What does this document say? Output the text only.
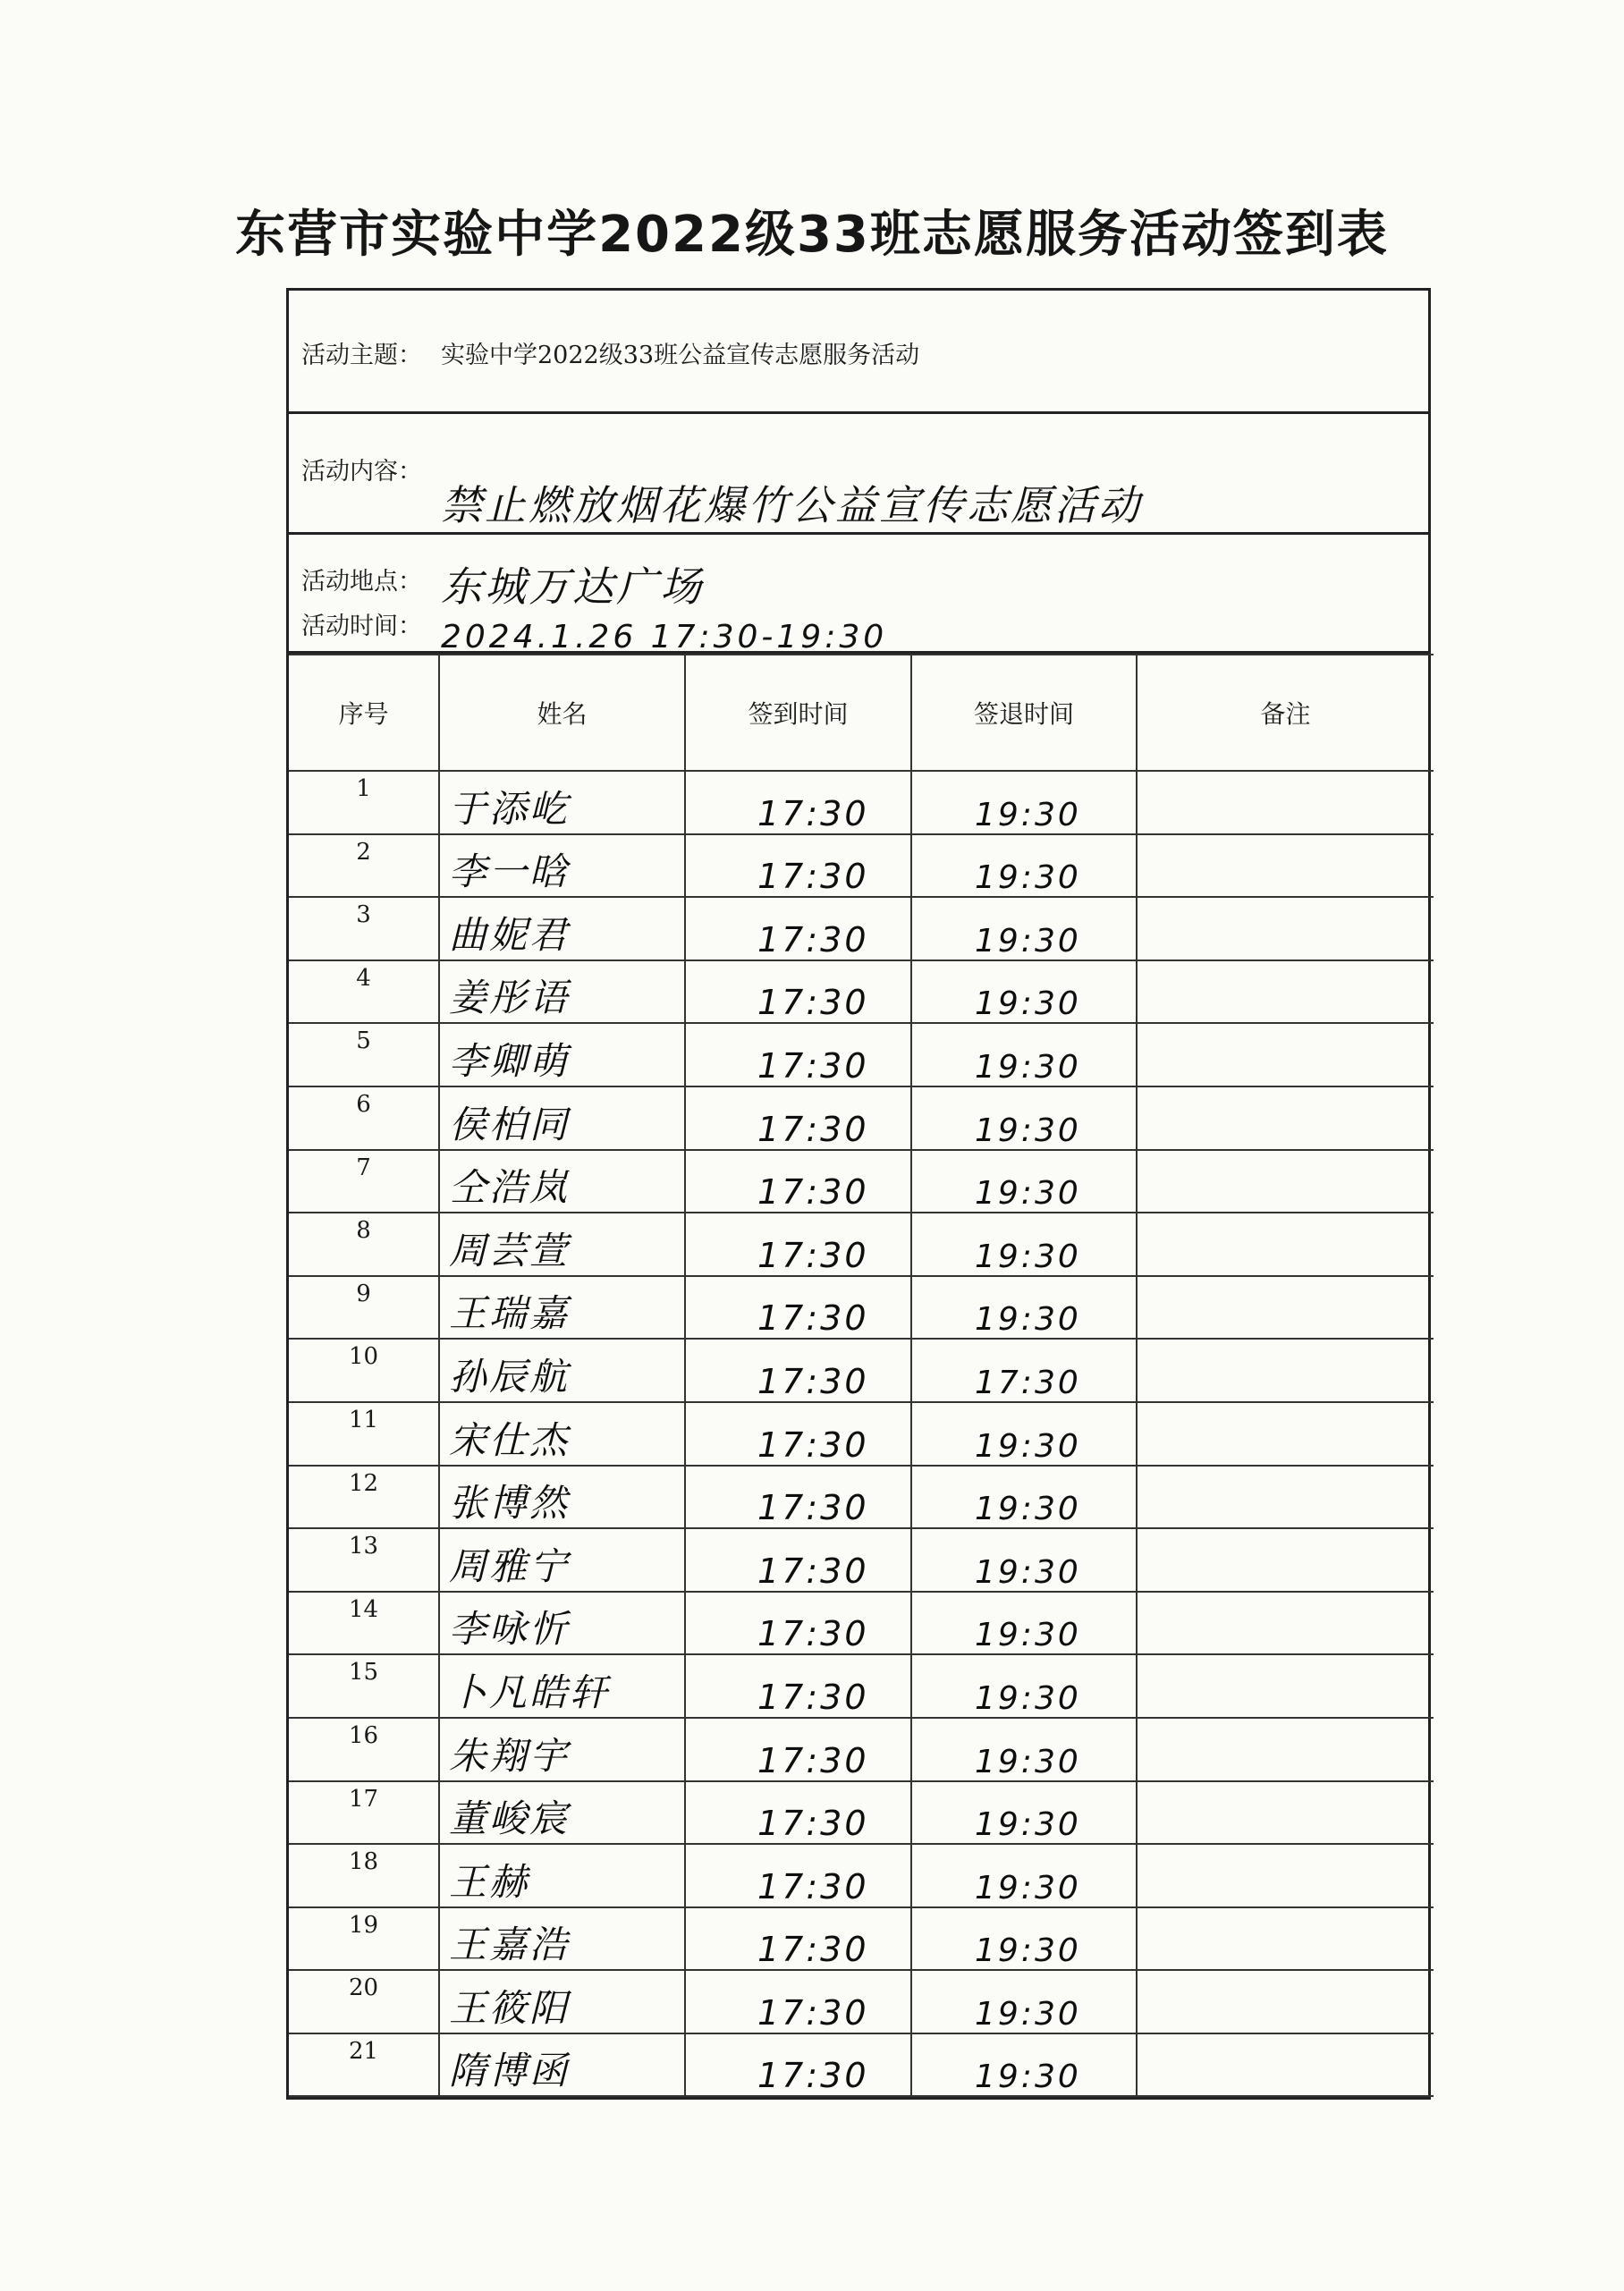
东营市实验中学2022级33班志愿服务活动签到表
活动主题： 实验中学2022级33班公益宣传志愿服务活动
活动内容：
禁止燃放烟花爆竹公益宣传志愿活动
活动地点： 东城万达广场
活动时间： 2024.1.26 17:30-19:30
序号	姓名	签到时间	签退时间	备注
1	于添屹	17:30	19:30	
2	李一晗	17:30	19:30	
3	曲妮君	17:30	19:30	
4	姜彤语	17:30	19:30	
5	李卿萌	17:30	19:30	
6	侯柏同	17:30	19:30	
7	仝浩岚	17:30	19:30	
8	周芸萱	17:30	19:30	
9	王瑞嘉	17:30	19:30	
10	孙辰航	17:30	17:30	
11	宋仕杰	17:30	19:30	
12	张博然	17:30	19:30	
13	周雅宁	17:30	19:30	
14	李咏忻	17:30	19:30	
15	卜凡皓轩	17:30	19:30	
16	朱翔宇	17:30	19:30	
17	董峻宸	17:30	19:30	
18	王赫	17:30	19:30	
19	王嘉浩	17:30	19:30	
20	王筱阳	17:30	19:30	
21	隋博函	17:30	19:30	
